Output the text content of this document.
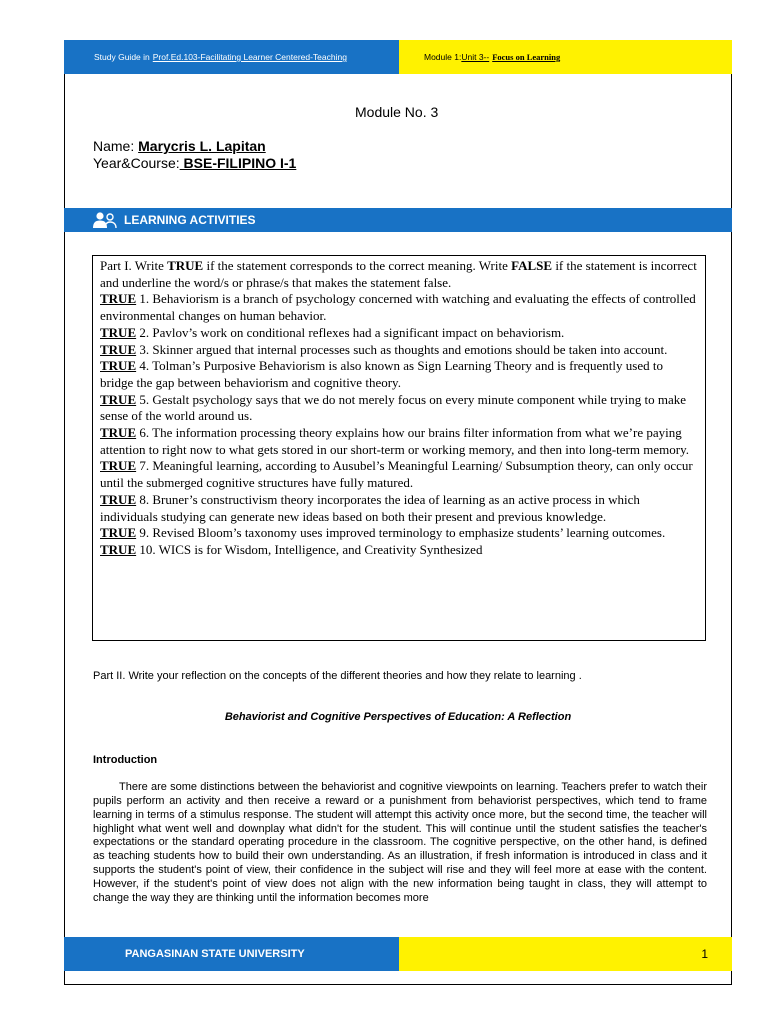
Study Guide in Prof.Ed.103-Facilitating Learner Centered-Teaching	Module 1: Unit 3-- Focus on Learning
Module No. 3
Name: Marycris L. Lapitan
Year&Course: BSE-FILIPINO I-1
LEARNING ACTIVITIES

Part I. Write TRUE if the statement corresponds to the correct meaning. Write FALSE if the statement is incorrect and underline the word/s or phrase/s that makes the statement false.

TRUE 1. Behaviorism is a branch of psychology concerned with watching and evaluating the effects of controlled environmental changes on human behavior.

TRUE 2. Pavlov’s work on conditional reflexes had a significant impact on behaviorism.

TRUE 3. Skinner argued that internal processes such as thoughts and emotions should be taken into account.

TRUE 4. Tolman’s Purposive Behaviorism is also known as Sign Learning Theory and is frequently used to bridge the gap between behaviorism and cognitive theory.

TRUE 5. Gestalt psychology says that we do not merely focus on every minute component while trying to make sense of the world around us.

TRUE 6. The information processing theory explains how our brains filter information from what we’re paying attention to right now to what gets stored in our short-term or working memory, and then into long-term memory.

TRUE 7. Meaningful learning, according to Ausubel’s Meaningful Learning/ Subsumption theory, can only occur until the submerged cognitive structures have fully matured.

TRUE 8. Bruner’s constructivism theory incorporates the idea of learning as an active process in which individuals studying can generate new ideas based on both their present and previous knowledge.

TRUE 9. Revised Bloom’s taxonomy uses improved terminology to emphasize students’ learning outcomes.

TRUE 10. WICS is for Wisdom, Intelligence, and Creativity Synthesized

Part II. Write your reflection on the concepts of the different theories and how they relate to learning .
Behaviorist and Cognitive Perspectives of Education: A Reflection
Introduction

There are some distinctions between the behaviorist and cognitive viewpoints on learning. Teachers prefer to watch their pupils perform an activity and then receive a reward or a punishment from behaviorist perspectives, which tend to frame learning in terms of a stimulus response. The student will attempt this activity once more, but the second time, the teacher will highlight what went well and downplay what didn't for the student. This will continue until the student satisfies the teacher's expectations or the standard operating procedure in the classroom. The cognitive perspective, on the other hand, is defined as teaching students how to build their own understanding. As an illustration, if fresh information is introduced in class and it supports the student's point of view, their confidence in the subject will rise and they will feel more at ease with the content. However, if the student's point of view does not align with the new information being taught in class, they will attempt to change the way they are thinking until the information becomes more

PANGASINAN STATE UNIVERSITY	1
